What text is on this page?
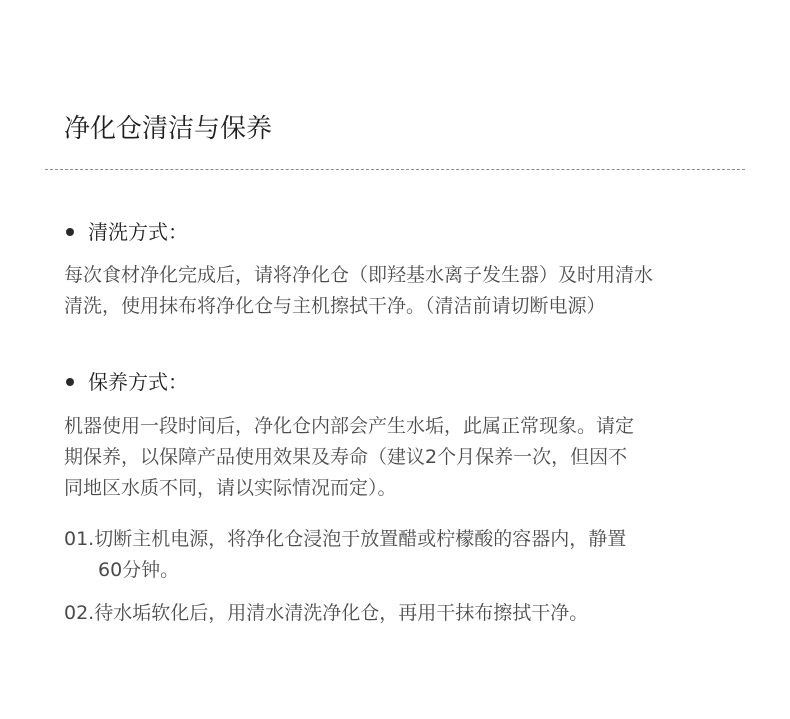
净化仓清洁与保养
清洗方式：
每次食材净化完成后，请将净化仓（即羟基水离子发生器）及时用清水
清洗，使用抹布将净化仓与主机擦拭干净。（清洁前请切断电源）
保养方式：
机器使用一段时间后，净化仓内部会产生水垢，此属正常现象。请定
期保养，以保障产品使用效果及寿命（建议2个月保养一次，但因不
同地区水质不同，请以实际情况而定）。
01.切断主机电源，将净化仓浸泡于放置醋或柠檬酸的容器内，静置
60分钟。
02.待水垢软化后，用清水清洗净化仓，再用干抹布擦拭干净。
